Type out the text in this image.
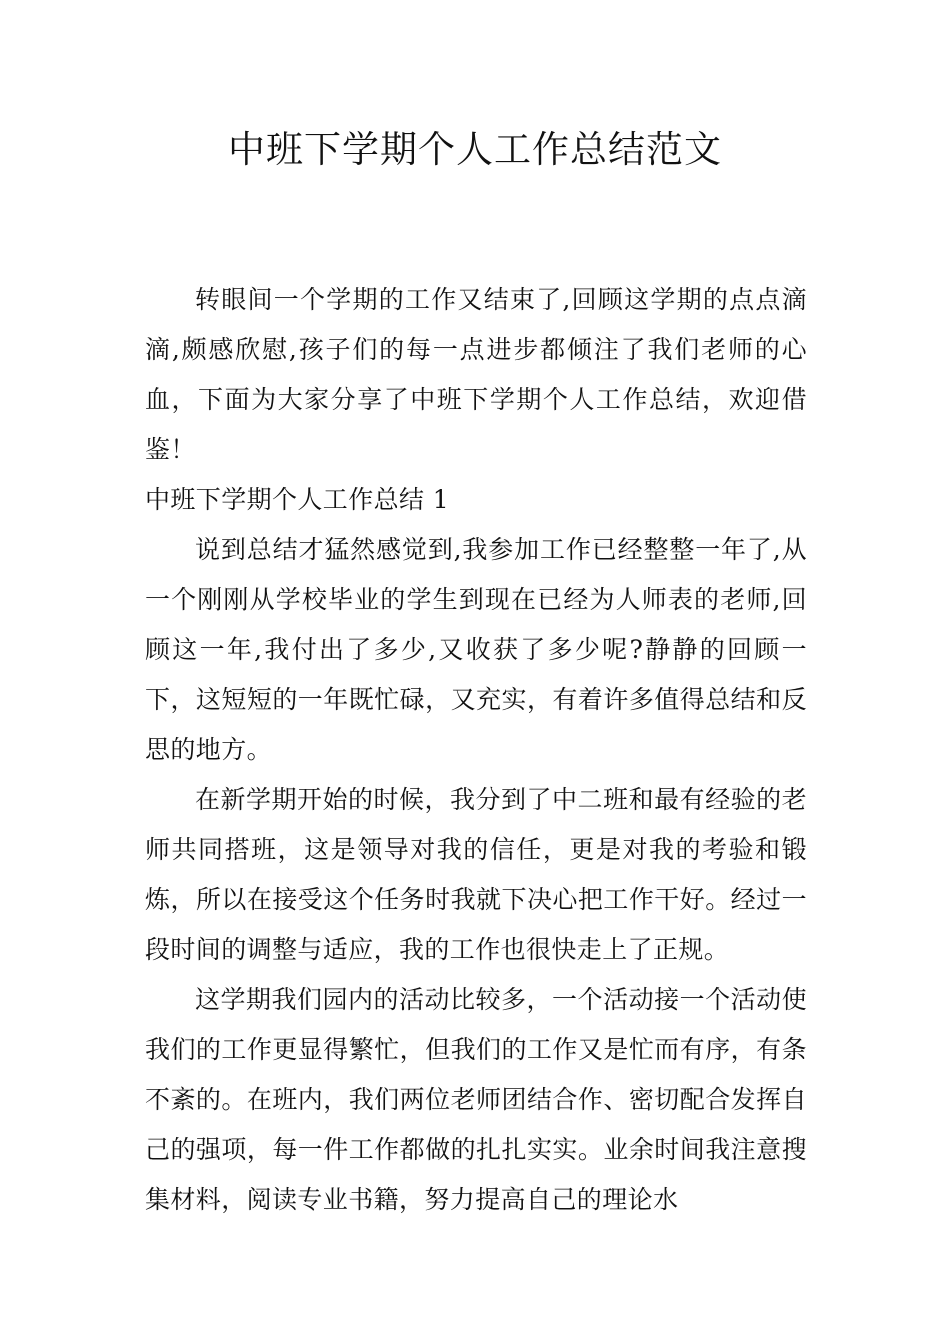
中班下学期个人工作总结范文

转眼间一个学期的工作又结束了,回顾这学期的点点滴滴,颇感欣慰,孩子们的每一点进步都倾注了我们老师的心血，下面为大家分享了中班下学期个人工作总结，欢迎借鉴！

中班下学期个人工作总结 1

说到总结才猛然感觉到,我参加工作已经整整一年了,从一个刚刚从学校毕业的学生到现在已经为人师表的老师,回顾这一年,我付出了多少,又收获了多少呢?静静的回顾一下，这短短的一年既忙碌，又充实，有着许多值得总结和反思的地方。

在新学期开始的时候，我分到了中二班和最有经验的老师共同搭班，这是领导对我的信任，更是对我的考验和锻炼，所以在接受这个任务时我就下决心把工作干好。经过一段时间的调整与适应，我的工作也很快走上了正规。

这学期我们园内的活动比较多，一个活动接一个活动使我们的工作更显得繁忙，但我们的工作又是忙而有序，有条不紊的。在班内，我们两位老师团结合作、密切配合发挥自己的强项，每一件工作都做的扎扎实实。业余时间我注意搜集材料，阅读专业书籍，努力提高自己的理论水
